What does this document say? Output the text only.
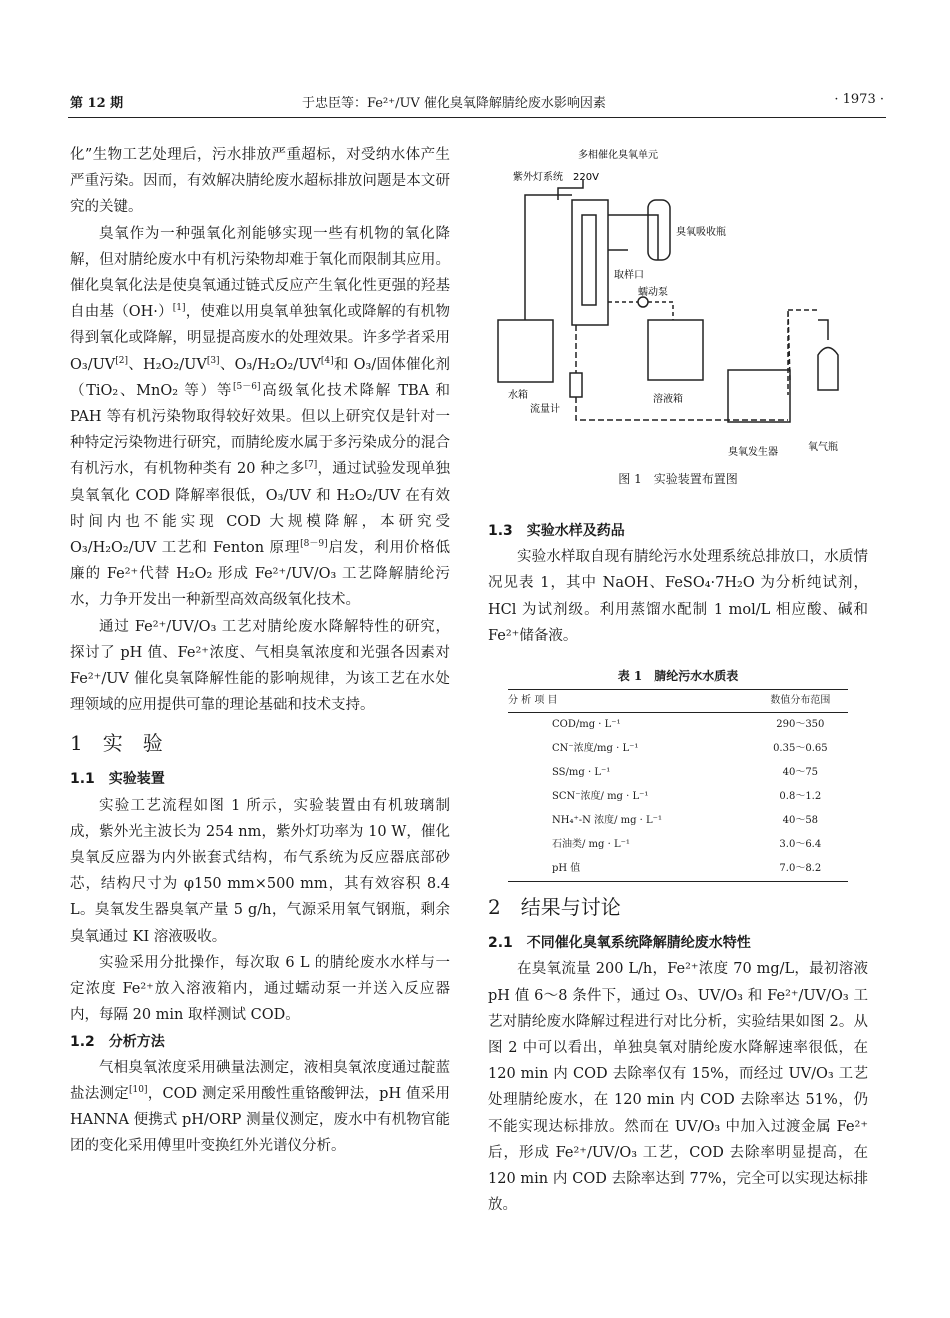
第 12 期	于忠臣等：Fe²⁺/UV 催化臭氧降解腈纶废水影响因素	· 1973 ·

化”生物工艺处理后，污水排放严重超标，对受纳水体产生严重污染。因而，有效解决腈纶废水超标排放问题是本文研究的关键。

臭氧作为一种强氧化剂能够实现一些有机物的氧化降解，但对腈纶废水中有机污染物却难于氧化而限制其应用。催化臭氧化法是使臭氧通过链式反应产生氧化性更强的羟基自由基（OH·）[1]，使难以用臭氧单独氧化或降解的有机物得到氧化或降解，明显提高废水的处理效果。许多学者采用 O₃/UV[2]、H₂O₂/UV[3]、O₃/H₂O₂/UV[4]和 O₃/固体催化剂（TiO₂、MnO₂ 等）等[5－6]高级氧化技术降解 TBA 和 PAH 等有机污染物取得较好效果。但以上研究仅是针对一种特定污染物进行研究，而腈纶废水属于多污染成分的混合有机污水，有机物种类有 20 种之多[7]，通过试验发现单独臭氧氧化 COD 降解率很低，O₃/UV 和 H₂O₂/UV 在有效时间内也不能实现 COD 大规模降解，本研究受 O₃/H₂O₂/UV 工艺和 Fenton 原理[8－9]启发，利用价格低廉的 Fe²⁺代替 H₂O₂ 形成 Fe²⁺/UV/O₃ 工艺降解腈纶污水，力争开发出一种新型高效高级氧化技术。

通过 Fe²⁺/UV/O₃ 工艺对腈纶废水降解特性的研究，探讨了 pH 值、Fe²⁺浓度、气相臭氧浓度和光强各因素对 Fe²⁺/UV 催化臭氧降解性能的影响规律，为该工艺在水处理领域的应用提供可靠的理论基础和技术支持。

1　实　验

1.1　实验装置

实验工艺流程如图 1 所示，实验装置由有机玻璃制成，紫外光主波长为 254 nm，紫外灯功率为 10 W，催化臭氧反应器为内外嵌套式结构，布气系统为反应器底部砂芯，结构尺寸为 φ150 mm×500 mm，其有效容积 8.4 L。臭氧发生器臭氧产量 5 g/h，气源采用氧气钢瓶，剩余臭氧通过 KI 溶液吸收。

实验采用分批操作，每次取 6 L 的腈纶废水水样与一定浓度 Fe²⁺放入溶液箱内，通过蠕动泵一并送入反应器内，每隔 20 min 取样测试 COD。

1.2　分析方法

气相臭氧浓度采用碘量法测定，液相臭氧浓度通过靛蓝盐法测定[10]，COD 测定采用酸性重铬酸钾法，pH 值采用 HANNA 便携式 pH/ORP 测量仪测定，废水中有机物官能团的变化采用傅里叶变换红外光谱仪分析。

多相催化臭氧单元
紫外灯系统 220V
臭氧吸收瓶
取样口
蠕动泵
水箱
流量计
溶液箱
臭氧发生器	氧气瓶
图 1　实验装置布置图

1.3　实验水样及药品

实验水样取自现有腈纶污水处理系统总排放口，水质情况见表 1，其中 NaOH、FeSO₄·7H₂O 为分析纯试剂，HCl 为试剂级。利用蒸馏水配制 1 mol/L 相应酸、碱和 Fe²⁺储备液。

表 1　腈纶污水水质表

分 析 项 目	数值分布范围
COD/mg · L⁻¹	290～350
CN⁻浓度/mg · L⁻¹	0.35～0.65
SS/mg · L⁻¹	40～75
SCN⁻浓度/ mg · L⁻¹	0.8～1.2
NH₄⁺-N 浓度/ mg · L⁻¹	40～58
石油类/ mg · L⁻¹	3.0～6.4
pH 值	7.0～8.2

2　结果与讨论

2.1　不同催化臭氧系统降解腈纶废水特性

在臭氧流量 200 L/h，Fe²⁺浓度 70 mg/L，最初溶液 pH 值 6～8 条件下，通过 O₃、UV/O₃ 和 Fe²⁺/UV/O₃ 工艺对腈纶废水降解过程进行对比分析，实验结果如图 2。从图 2 中可以看出，单独臭氧对腈纶废水降解速率很低，在 120 min 内 COD 去除率仅有 15%，而经过 UV/O₃ 工艺处理腈纶废水，在 120 min 内 COD 去除率达 51%，仍不能实现达标排放。然而在 UV/O₃ 中加入过渡金属 Fe²⁺后，形成 Fe²⁺/UV/O₃ 工艺，COD 去除率明显提高，在 120 min 内 COD 去除率达到 77%，完全可以实现达标排放。
